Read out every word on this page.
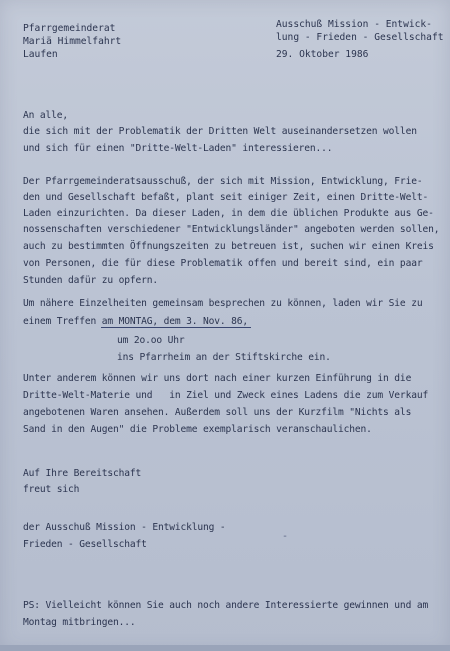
Pfarrgemeinderat
Mariä Himmelfahrt
Laufen
Ausschuß Mission - Entwick-
lung - Frieden - Gesellschaft
29. Oktober 1986
An alle,
die sich mit der Problematik der Dritten Welt auseinandersetzen wollen
und sich für einen "Dritte-Welt-Laden" interessieren...
Der Pfarrgemeinderatsausschuß, der sich mit Mission, Entwicklung, Frie-
den und Gesellschaft befaßt, plant seit einiger Zeit, einen Dritte-Welt-
Laden einzurichten. Da dieser Laden, in dem die üblichen Produkte aus Ge-
nossenschaften verschiedener "Entwicklungsländer" angeboten werden sollen,
auch zu bestimmten Öffnungszeiten zu betreuen ist, suchen wir einen Kreis
von Personen, die für diese Problematik offen und bereit sind, ein paar
Stunden dafür zu opfern.
Um nähere Einzelheiten gemeinsam besprechen zu können, laden wir Sie zu
einem Treffen am MONTAG, dem 3. Nov. 86,
um 2o.oo Uhr
ins Pfarrheim an der Stiftskirche ein.
Unter anderem können wir uns dort nach einer kurzen Einführung in die
Dritte-Welt-Materie und   in Ziel und Zweck eines Ladens die zum Verkauf
angebotenen Waren ansehen. Außerdem soll uns der Kurzfilm "Nichts als
Sand in den Augen" die Probleme exemplarisch veranschaulichen.
Auf Ihre Bereitschaft
freut sich
der Ausschuß Mission - Entwicklung -
Frieden - Gesellschaft
-
PS: Vielleicht können Sie auch noch andere Interessierte gewinnen und am
Montag mitbringen...
